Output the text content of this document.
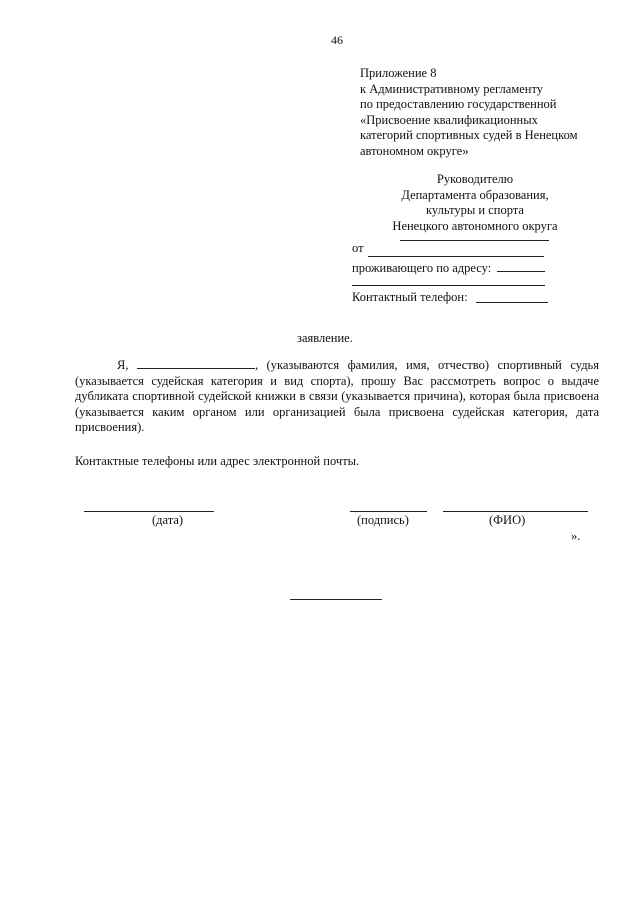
46
Приложение 8
к Административному регламенту
по предоставлению государственной
«Присвоение квалификационных
категорий спортивных судей в Ненецком
автономном округе»
Руководителю
Департамента образования,
культуры и спорта
Ненецкого автономного округа
от
проживающего по адресу:
Контактный телефон:
заявление.
Я,	, (указываются фамилия, имя, отчество) спортивный судья (указывается судейская категория и вид спорта), прошу Вас рассмотреть вопрос о выдаче дубликата спортивной судейской книжки в связи (указывается причина), которая была присвоена (указывается каким органом или организацией была присвоена судейская категория, дата присвоения).
Контактные телефоны или адрес электронной почты.
(дата)	(подпись)	(ФИО)
».
